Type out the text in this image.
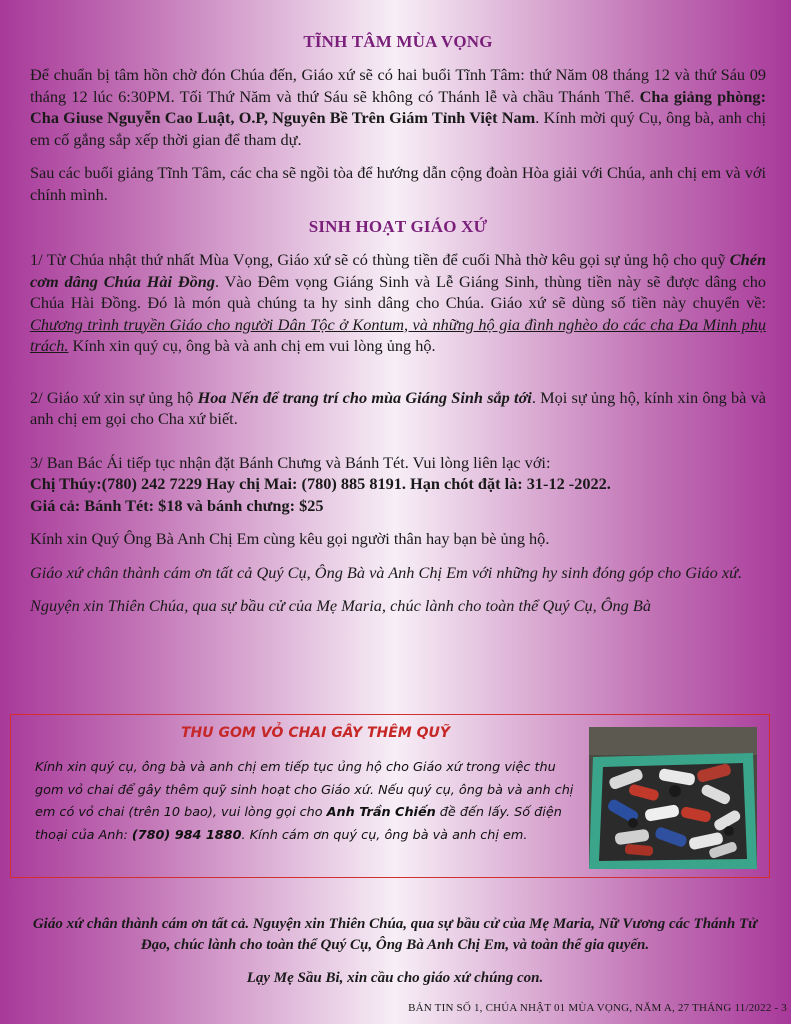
TĨNH TÂM MÙA VỌNG

Để chuẩn bị tâm hồn chờ đón Chúa đến, Giáo xứ sẽ có hai buổi Tĩnh Tâm: thứ Năm 08 tháng 12 và thứ Sáu 09 tháng 12 lúc 6:30PM. Tối Thứ Năm và thứ Sáu sẽ không có Thánh lễ và chầu Thánh Thể. Cha giảng phòng: Cha Giuse Nguyễn Cao Luật, O.P, Nguyên Bề Trên Giám Tỉnh Việt Nam. Kính mời quý Cụ, ông bà, anh chị em cố gắng sắp xếp thời gian để tham dự.

Sau các buổi giảng Tĩnh Tâm, các cha sẽ ngồi tòa để hướng dẫn cộng đoàn Hòa giải với Chúa, anh chị em và với chính mình.

SINH HOẠT GIÁO XỨ

1/ Từ Chúa nhật thứ nhất Mùa Vọng, Giáo xứ sẽ có thùng tiền để cuối Nhà thờ kêu gọi sự ủng hộ cho quỹ Chén cơm dâng Chúa Hài Đồng. Vào Đêm vọng Giáng Sinh và Lễ Giáng Sinh, thùng tiền này sẽ được dâng cho Chúa Hài Đồng. Đó là món quà chúng ta hy sinh dâng cho Chúa. Giáo xứ sẽ dùng số tiền này chuyển về: Chương trình truyền Giáo cho người Dân Tộc ở Kontum, và những hộ gia đình nghèo do các cha Đa Minh phụ trách. Kính xin quý cụ, ông bà và anh chị em vui lòng ủng hộ.

2/ Giáo xứ xin sự ủng hộ Hoa Nến để trang trí cho mùa Giáng Sinh sắp tới. Mọi sự ủng hộ, kính xin ông bà và anh chị em gọi cho Cha xứ biết.

3/ Ban Bác Ái tiếp tục nhận đặt Bánh Chưng và Bánh Tét. Vui lòng liên lạc với:
Chị Thúy:(780) 242 7229 Hay chị Mai: (780) 885 8191. Hạn chót đặt là: 31-12 -2022.
Giá cả: Bánh Tét: $18 và bánh chưng: $25

Kính xin Quý Ông Bà Anh Chị Em cùng kêu gọi người thân hay bạn bè ủng hộ.

Giáo xứ chân thành cám ơn tất cả Quý Cụ, Ông Bà và Anh Chị Em với những hy sinh đóng góp cho Giáo xứ.

Nguyện xin Thiên Chúa, qua sự bầu cử của Mẹ Maria, chúc lành cho toàn thể Quý Cụ, Ông Bà

THU GOM VỎ CHAI GÂY THÊM QUỸ
Kính xin quý cụ, ông bà và anh chị em tiếp tục ủng hộ cho Giáo xứ trong việc thu gom vỏ chai để gây thêm quỹ sinh hoạt cho Giáo xứ. Nếu quý cụ, ông bà và anh chị em có vỏ chai (trên 10 bao), vui lòng gọi cho Anh Trần Chiến đề đến lấy. Số điện thoại của Anh: (780) 984 1880. Kính cám ơn quý cụ, ông bà và anh chị em.
Giáo xứ chân thành cám ơn tất cả. Nguyện xin Thiên Chúa, qua sự bầu cử của Mẹ Maria, Nữ Vương các Thánh Tử Đạo, chúc lành cho toàn thể Quý Cụ, Ông Bà Anh Chị Em, và toàn thể gia quyến.
Lạy Mẹ Sầu Bi, xin cầu cho giáo xứ chúng con.
BẢN TIN SỐ 1, CHÚA NHẬT 01 MÙA VỌNG, NĂM A, 27 THÁNG 11/2022 - 3
